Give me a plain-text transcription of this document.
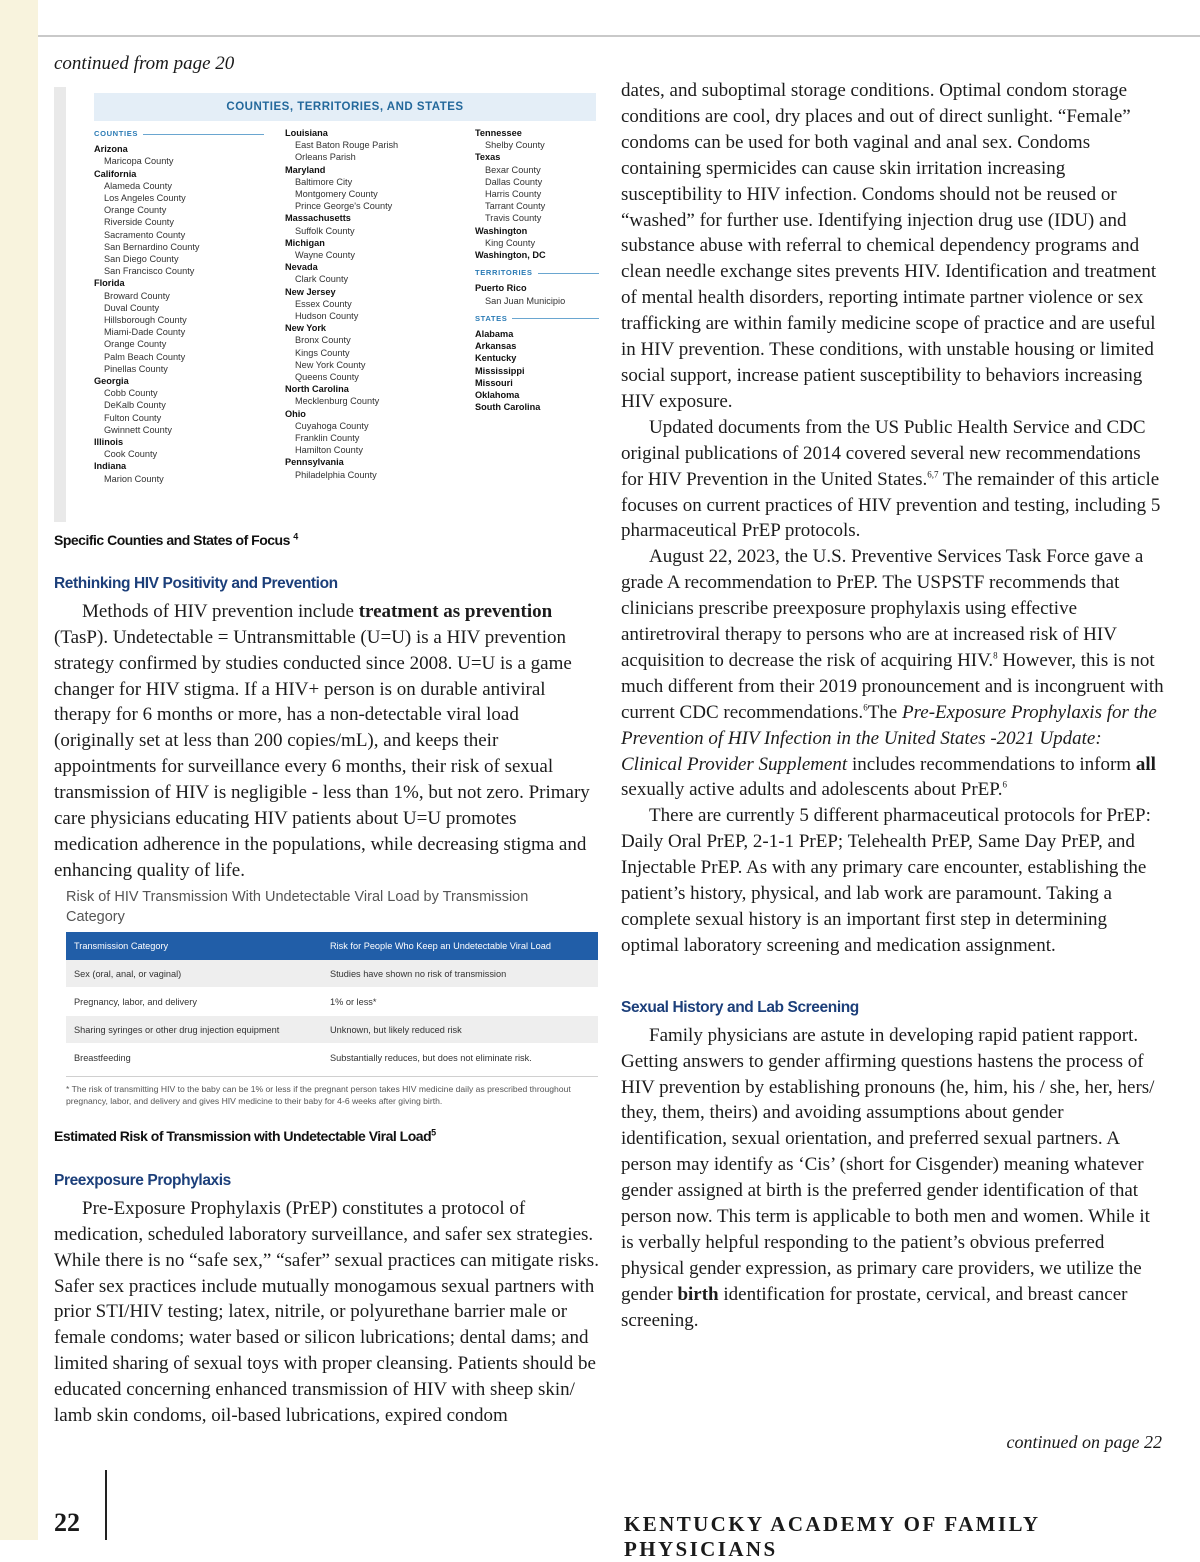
continued from page 20
COUNTIES, TERRITORIES, AND STATES
COUNTIES
Arizona
Maricopa County
California
Alameda County
Los Angeles County
Orange County
Riverside County
Sacramento County
San Bernardino County
San Diego County
San Francisco County
Florida
Broward County
Duval County
Hillsborough County
Miami-Dade County
Orange County
Palm Beach County
Pinellas County
Georgia
Cobb County
DeKalb County
Fulton County
Gwinnett County
Illinois
Cook County
Indiana
Marion County
Louisiana
East Baton Rouge Parish
Orleans Parish
Maryland
Baltimore City
Montgomery County
Prince George's County
Massachusetts
Suffolk County
Michigan
Wayne County
Nevada
Clark County
New Jersey
Essex County
Hudson County
New York
Bronx County
Kings County
New York County
Queens County
North Carolina
Mecklenburg County
Ohio
Cuyahoga County
Franklin County
Hamilton County
Pennsylvania
Philadelphia County
Tennessee
Shelby County
Texas
Bexar County
Dallas County
Harris County
Tarrant County
Travis County
Washington
King County
Washington, DC
TERRITORIES
Puerto Rico
San Juan Municipio
STATES
Alabama
Arkansas
Kentucky
Mississippi
Missouri
Oklahoma
South Carolina
Specific Counties and States of Focus $^4$
Rethinking HIV Positivity and Prevention

Methods of HIV prevention include treatment as prevention (TasP). Undetectable = Untransmittable (U=U) is a HIV prevention strategy confirmed by studies conducted since 2008. U=U is a game changer for HIV stigma. If a HIV+ person is on durable antiviral therapy for 6 months or more, has a non-detectable viral load (originally set at less than 200 copies/mL), and keeps their appointments for surveillance every 6 months, their risk of sexual transmission of HIV is negligible - less than 1%, but not zero. Primary care physicians educating HIV patients about U=U promotes medication adherence in the populations, while decreasing stigma and enhancing quality of life.

Risk of HIV Transmission With Undetectable Viral Load by Transmission Category
Transmission Category	Risk for People Who Keep an Undetectable Viral Load
Sex (oral, anal, or vaginal)	Studies have shown no risk of transmission
Pregnancy, labor, and delivery	1% or less*
Sharing syringes or other drug injection equipment	Unknown, but likely reduced risk
Breastfeeding	Substantially reduces, but does not eliminate risk.
* The risk of transmitting HIV to the baby can be 1% or less if the pregnant person takes HIV medicine daily as prescribed throughout pregnancy, labor, and delivery and gives HIV medicine to their baby for 4-6 weeks after giving birth.
Estimated Risk of Transmission with Undetectable Viral Load$^5$
Preexposure Prophylaxis

Pre-Exposure Prophylaxis (PrEP) constitutes a protocol of medication, scheduled laboratory surveillance, and safer sex strategies. While there is no “safe sex,” “safer” sexual practices can mitigate risks. Safer sex practices include mutually monogamous sexual partners with prior STI/HIV testing; latex, nitrile, or polyurethane barrier male or female condoms; water based or silicon lubrications; dental dams; and limited sharing of sexual toys with proper cleansing. Patients should be educated concerning enhanced transmission of HIV with sheep skin/ lamb skin condoms, oil-based lubrications, expired condom

dates, and suboptimal storage conditions. Optimal condom storage conditions are cool, dry places and out of direct sunlight. “Female” condoms can be used for both vaginal and anal sex. Condoms containing spermicides can cause skin irritation increasing susceptibility to HIV infection. Condoms should not be reused or “washed” for further use. Identifying injection drug use (IDU) and substance abuse with referral to chemical dependency programs and clean needle exchange sites prevents HIV. Identification and treatment of mental health disorders, reporting intimate partner violence or sex trafficking are within family medicine scope of practice and are useful in HIV prevention. These conditions, with unstable housing or limited social support, increase patient susceptibility to behaviors increasing HIV exposure.

Updated documents from the US Public Health Service and CDC original publications of 2014 covered several new recommendations for HIV Prevention in the United States.$^{6,7}$ The remainder of this article focuses on current practices of HIV prevention and testing, including 5 pharmaceutical PrEP protocols.

August 22, 2023, the U.S. Preventive Services Task Force gave a grade A recommendation to PrEP. The USPSTF recommends that clinicians prescribe preexposure prophylaxis using effective antiretroviral therapy to persons who are at increased risk of HIV acquisition to decrease the risk of acquiring HIV.$^8$ However, this is not much different from their 2019 pronouncement and is incongruent with current CDC recommendations.$^6$The Pre-Exposure Prophylaxis for the Prevention of HIV Infection in the United States -2021 Update: Clinical Provider Supplement includes recommendations to inform all sexually active adults and adolescents about PrEP.$^6$

There are currently 5 different pharmaceutical protocols for PrEP: Daily Oral PrEP, 2-1-1 PrEP; Telehealth PrEP, Same Day PrEP, and Injectable PrEP. As with any primary care encounter, establishing the patient’s history, physical, and lab work are paramount. Taking a complete sexual history is an important first step in determining optimal laboratory screening and medication assignment.

Sexual History and Lab Screening

Family physicians are astute in developing rapid patient rapport. Getting answers to gender affirming questions hastens the process of HIV prevention by establishing pronouns (he, him, his / she, her, hers/ they, them, theirs) and avoiding assumptions about gender identification, sexual orientation, and preferred sexual partners. A person may identify as ‘Cis’ (short for Cisgender) meaning whatever gender assigned at birth is the preferred gender identification of that person now. This term is applicable to both men and women. While it is verbally helpful responding to the patient’s obvious preferred physical gender expression, as primary care providers, we utilize the gender birth identification for prostate, cervical, and breast cancer screening.

continued on page 22
22	KENTUCKY ACADEMY OF FAMILY PHYSICIANS
